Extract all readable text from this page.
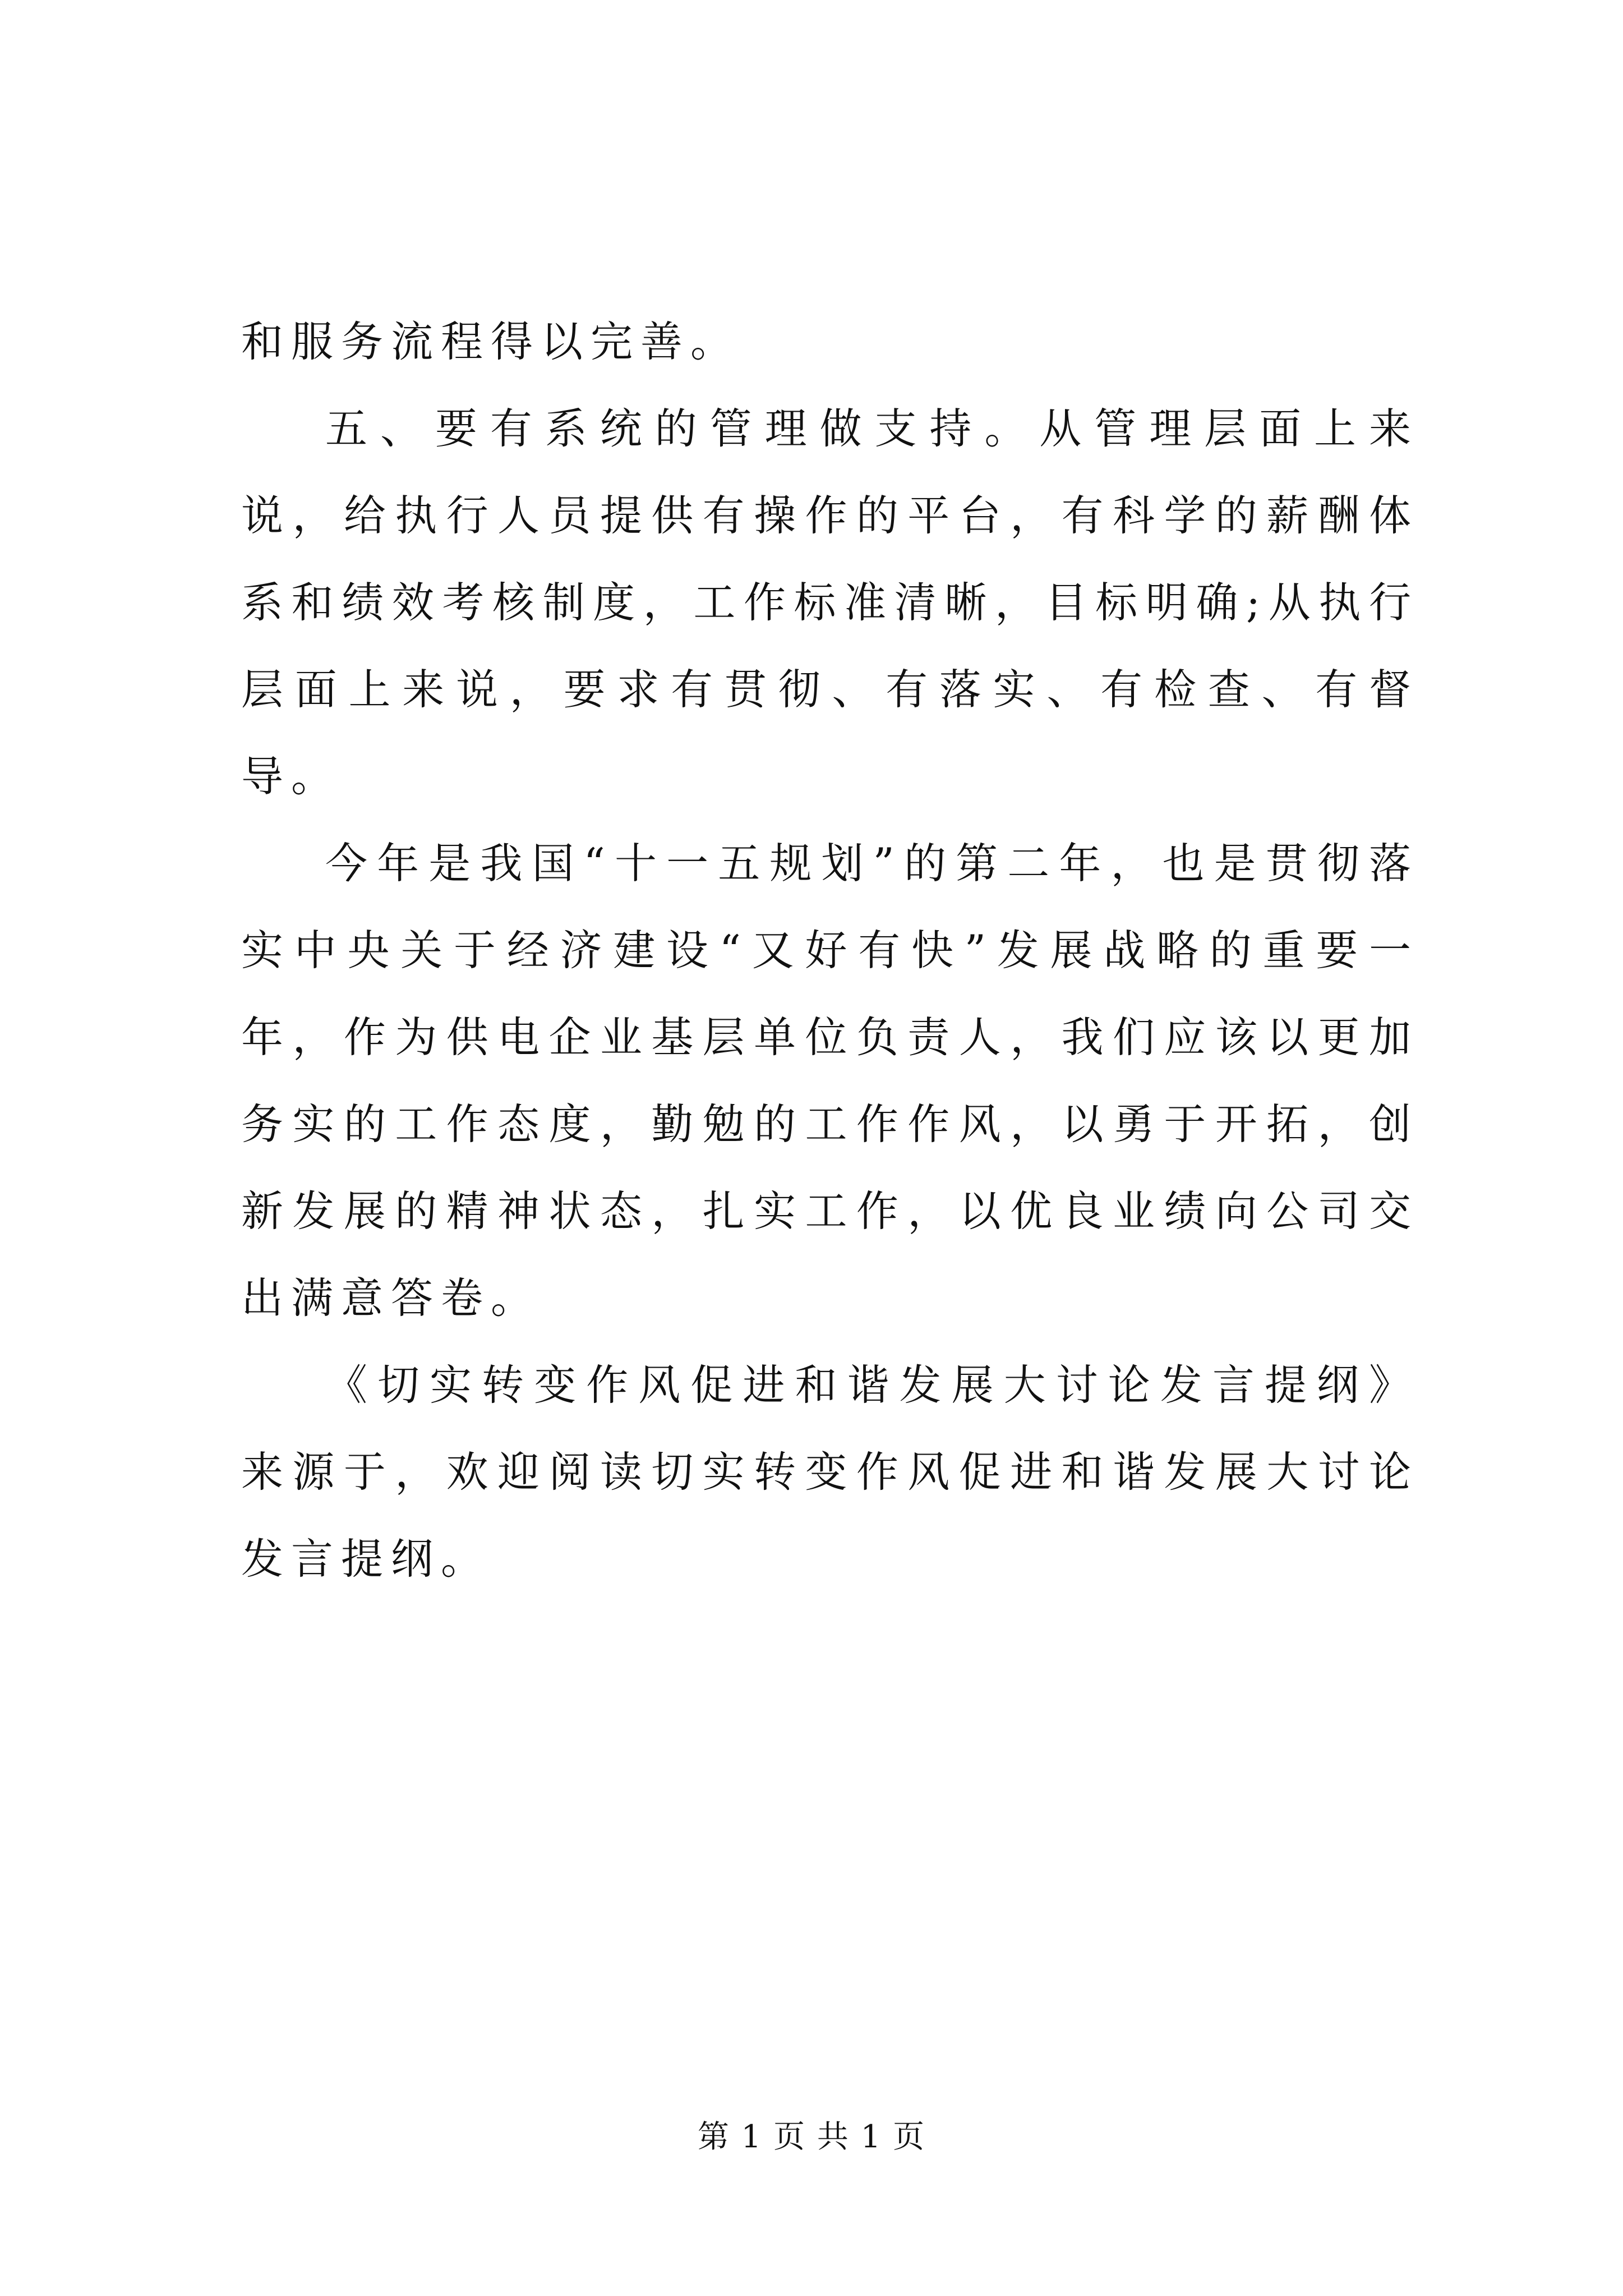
和服务流程得以完善。

五、要有系统的管理做支持。从管理层面上来说，给执行人员提供有操作的平台，有科学的薪酬体系和绩效考核制度，工作标准清晰，目标明确;从执行层面上来说，要求有贯彻、有落实、有检查、有督导。

今年是我国“十一五规划”的第二年，也是贯彻落实中央关于经济建设“又好有快”发展战略的重要一年，作为供电企业基层单位负责人，我们应该以更加务实的工作态度，勤勉的工作作风，以勇于开拓，创新发展的精神状态，扎实工作，以优良业绩向公司交出满意答卷。

《切实转变作风促进和谐发展大讨论发言提纲》来源于，欢迎阅读切实转变作风促进和谐发展大讨论发言提纲。

第 1 页 共 1 页
